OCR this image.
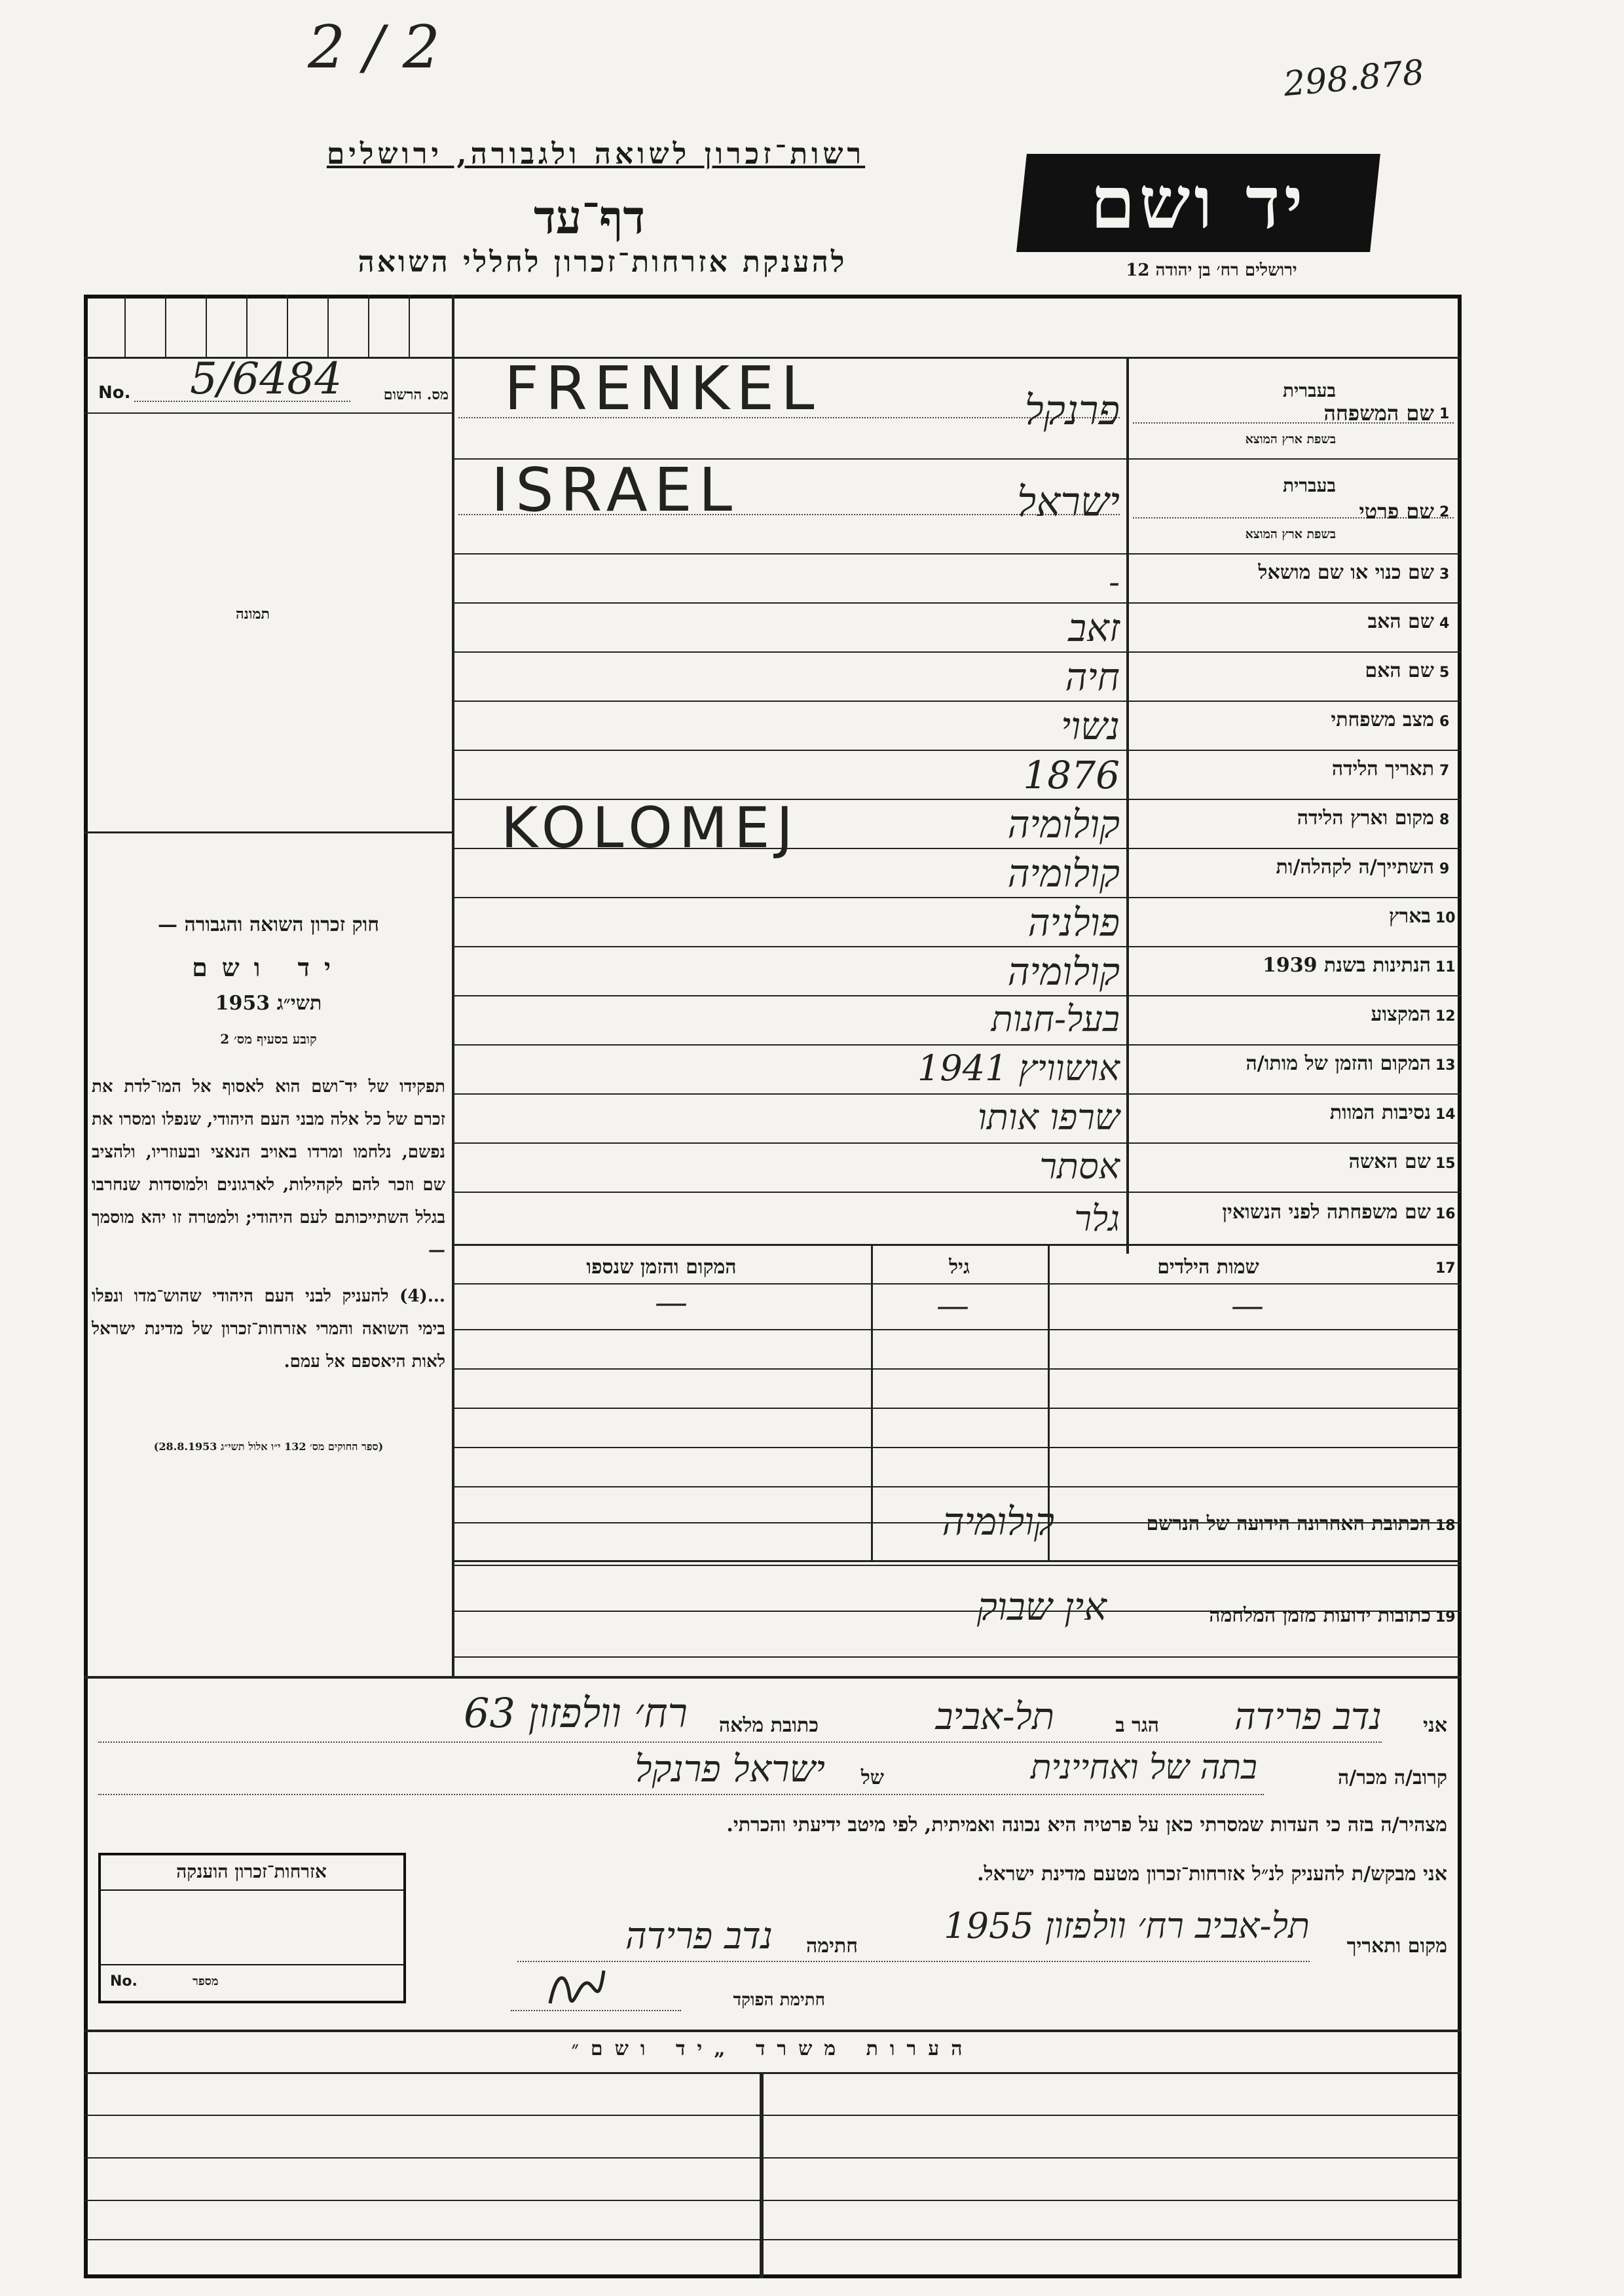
2 / 2	298.878
רשות־זכרון לשואה ולגבורה, ירושלים
דף־עד
להענקת אזרחות־זכרון לחללי השואה
יד ושם
ירושלים רח׳ בן יהודה 12
No. 5/6484	מס. הרשום
תמונה
חוק זכרון השואה והגבורה —
יד ושם
תשי״ג 1953
קובע בסעיף מס׳ 2
תפקידו של יד־ושם הוא לאסוף אל המו־לדת את זכרם של כל אלה מבני העם היהודי, שנפלו ומסרו את נפשם, נלחמו ומרדו באויב הנאצי ובעוזריו, ולהציב שם וזכר להם לקהילות, לארגונים ולמוסדות שנחרבו בגלל השתייכותם לעם היהודי; ולמטרה זו יהא מוסמך —
...(4) להעניק לבני העם היהודי שהוש־מדו ונפלו בימי השואה והמרי אזרחות־זכרון של מדינת ישראל לאות היאספם אל עמם.
(ספר החוקים מס׳ 132 י״ו אלול תשי״ג 28.8.1953)
1
שם המשפחה
בעברית
בשפת ארץ המוצא
FRENKEL	פרנקל
2
שם פרטי
בעברית
בשפת ארץ המוצא
ISRAEL	ישראל
3
שם כנוי או שם מושאל
-
4
שם האב
זאב
5
שם האם
חיה
6
מצב משפחתי
נשוי
7
תאריך הלידה
1876
8
מקום וארץ הלידה
קולומיה
KOLOMEJ
9
השתייך/ה לקהלה/ות
קולומיה
10
בארץ
פולניה
11
הנתינות בשנת 1939
קולומיה
12
המקצוע
בעל-חנות
13
המקום והזמן של מותו/ה
אושוויץ 1941
14
נסיבות המוות
שרפו אותו
15
שם האשה
אסתר
16
שם משפחתה לפני הנשואין
גלר
17
שמות הילדים
גיל
המקום והזמן שנספו
—
—
—
18
הכתובת האחרונה הידועה של הנרשם
קולומיה
19
כתובות ידועות מזמן המלחמה
אין שבוק
אני
נדב פרידה
הגר ב
תל-אביב
כתובת מלאה
רח׳ וולפזון 63
קרוב/ה מכר/ה
בתה של ואחיינית
של
ישראל פרנקל
מצהיר/ה בזה כי העדות שמסרתי כאן על פרטיה היא נכונה ואמיתית, לפי מיטב ידיעתי והכרתי.
אני מבקש/ת להעניק לנ״ל אזרחות־זכרון מטעם מדינת ישראל.
מקום ותאריך
תל-אביב רח׳ וולפזון 1955
חתימה
נדב פרידה
חתימת הפוקד
אזרחות־זכרון הוענקה
No.	מספר
הערות משרד „יד ושם״
